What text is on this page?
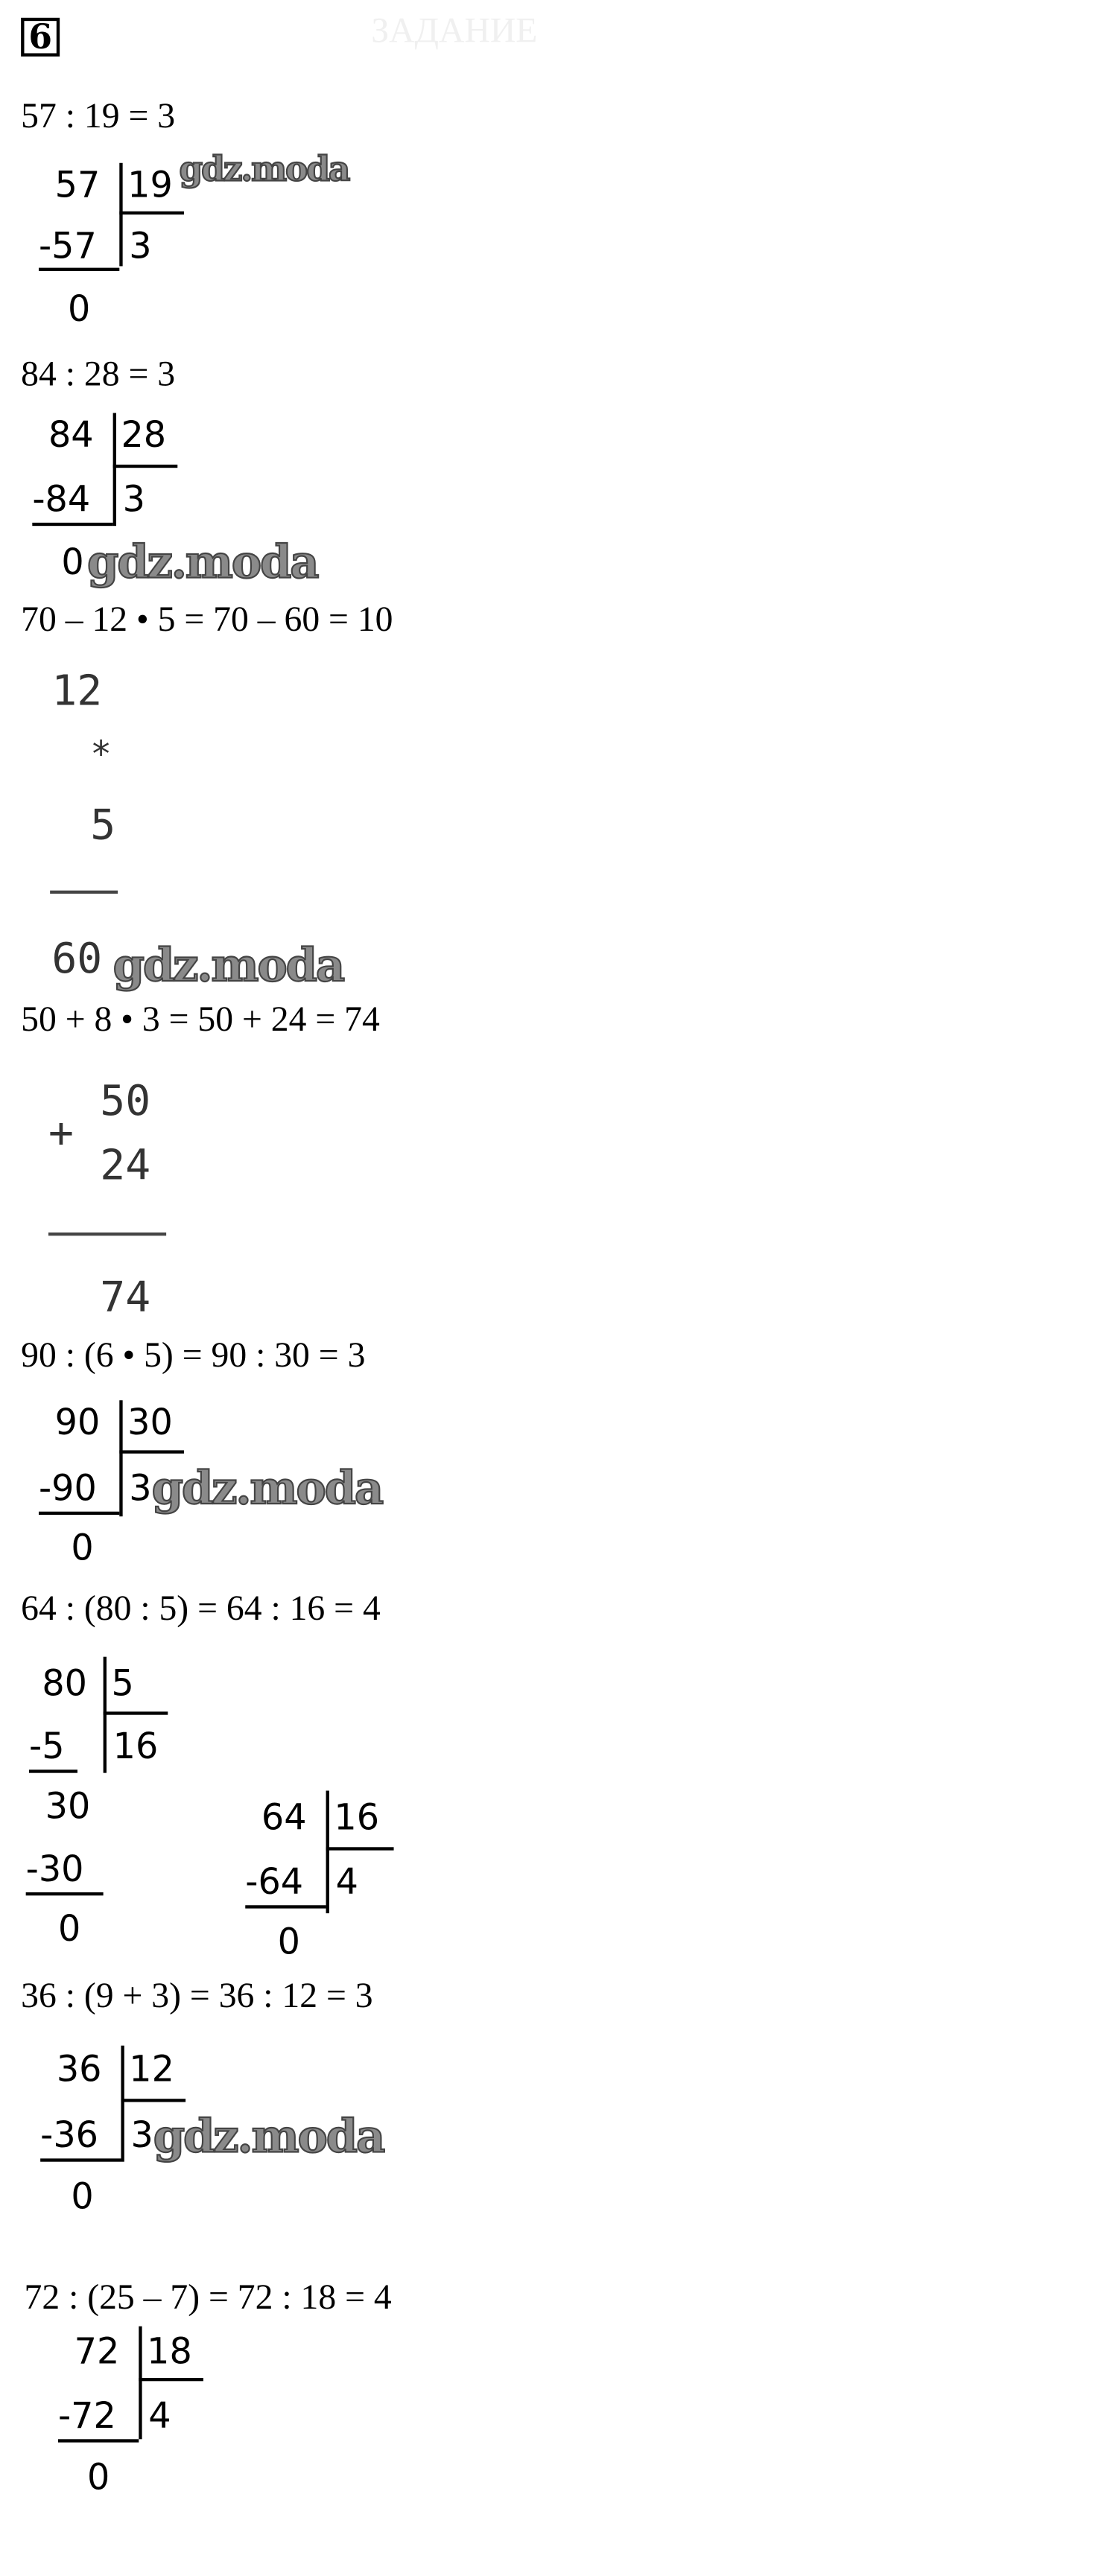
ЗАДАНИЕ
6
57 : 19 = 3
57 19
-57 3
0
gdz.moda
84 : 28 = 3
84 28
-84 3
0 gdz.moda
70 – 12 • 5 = 70 – 60 = 10
12
*
5
60 gdz.moda
50 + 8 • 3 = 50 + 24 = 74
+
50
24
74
90 : (6 • 5) = 90 : 30 = 3
90 30
-90 3
0
gdz.moda
64 : (80 : 5) = 64 : 16 = 4
80 5
-5	16
30
-30
0
64 16
-64 4
0
36 : (9 + 3) = 36 : 12 = 3
36 12
-36 3
0
gdz.moda
72 : (25 – 7) = 72 : 18 = 4
72 18
-72 4
0
